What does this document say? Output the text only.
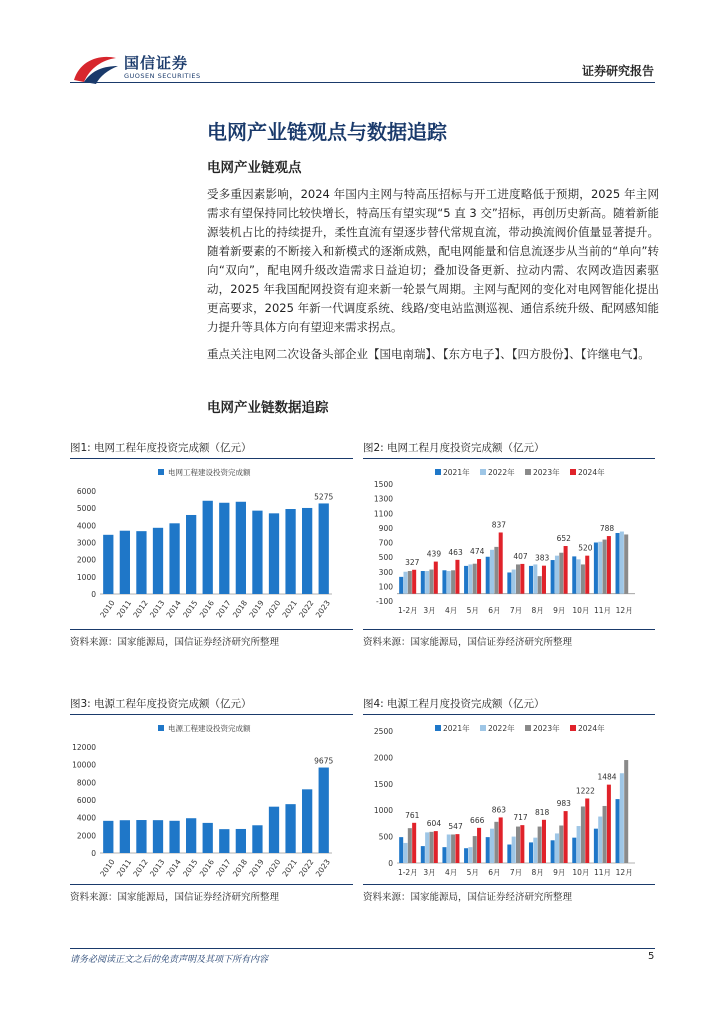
国信证券
GUOSEN SECURITIES	证券研究报告
电网产业链观点与数据追踪
电网产业链观点
受多重因素影响，2024 年国内主网与特高压招标与开工进度略低于预期，2025 年主网需求有望保持同比较快增长，特高压有望实现“5 直 3 交”招标，再创历史新高。随着新能源装机占比的持续提升，柔性直流有望逐步替代常规直流，带动换流阀价值量显著提升。随着新要素的不断接入和新模式的逐渐成熟，配电网能量和信息流逐步从当前的“单向”转向“双向”，配电网升级改造需求日益迫切；叠加设备更新、拉动内需、农网改造因素驱动，2025 年我国配网投资有迎来新一轮景气周期。主网与配网的变化对电网智能化提出更高要求，2025 年新一代调度系统、线路/变电站监测巡视、通信系统升级、配网感知能力提升等具体方向有望迎来需求拐点。
重点关注电网二次设备头部企业【国电南瑞】、【东方电子】、【四方股份】、【许继电气】。
电网产业链数据追踪
图1: 电网工程年度投资完成额（亿元）
电网工程建设投资完成额
0
1000
2000
3000
4000
5000
6000
2010
2011
2012
2013
2014
2015
2016
2017
2018
2019
2020
2021
2022
2023
5275
资料来源：国家能源局，国信证券经济研究所整理
图2: 电网工程月度投资完成额（亿元）
2021年 2022年 2023年 2024年
-100
100
300
500
700
900
1100
1300
1500
1-2月 3月 4月 5月 6月 7月 8月 9月 10月 11月 12月
327
439 463 474
837
407 383
652
520
788
资料来源：国家能源局，国信证券经济研究所整理
图3: 电源工程年度投资完成额（亿元）
电源工程建设投资完成额
0
2000
4000
6000
8000
10000
12000
2010
2011
2012
2013
2014
2015
2016
2017
2018
2019
2020
2021
2022
2023
9675
资料来源：国家能源局，国信证券经济研究所整理
图4: 电源工程月度投资完成额（亿元）
2021年 2022年 2023年 2024年
0
500
1000
1500
2000
2500
1-2月 3月 4月 5月 6月 7月 8月 9月 10月 11月 12月
761
604 547
666
863
717
818
983
1222
1484
资料来源：国家能源局，国信证券经济研究所整理
请务必阅读正文之后的免责声明及其项下所有内容	5
